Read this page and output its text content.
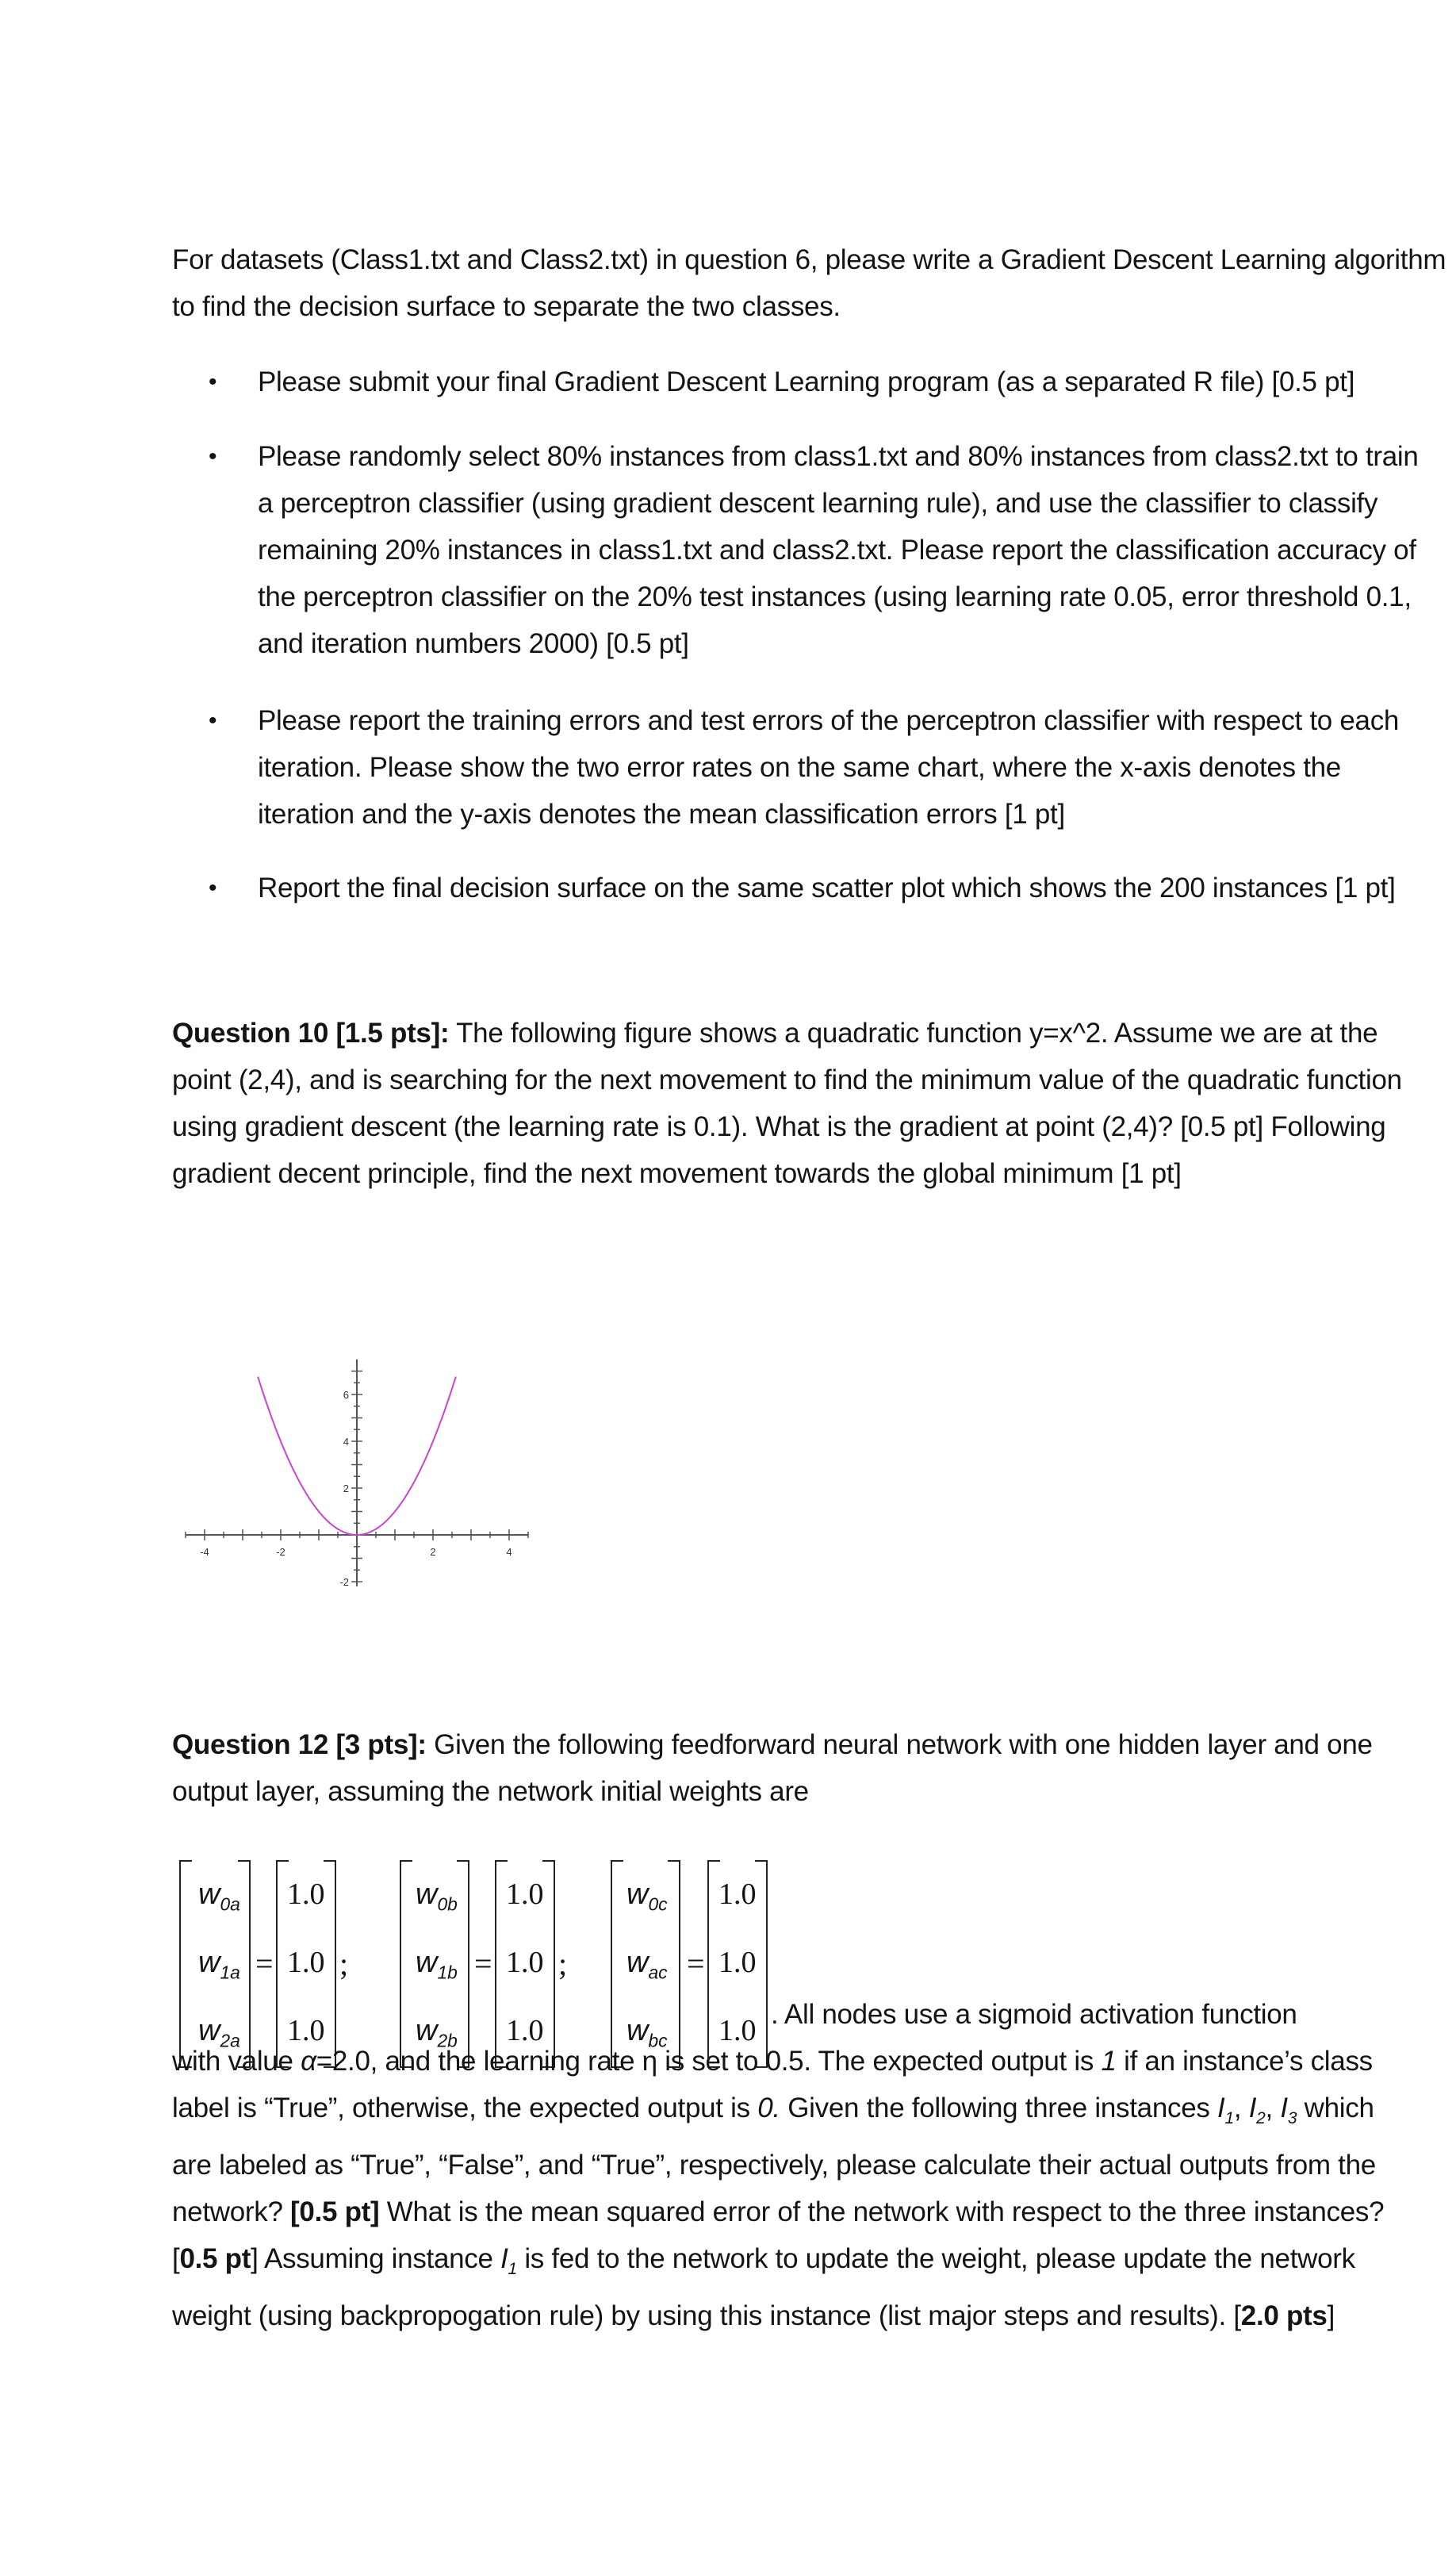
For datasets (Class1.txt and Class2.txt) in question 6, please write a Gradient Descent Learning algorithm
to find the decision surface to separate the two classes.
• Please submit your final Gradient Descent Learning program (as a separated R file) [0.5 pt]
• Please randomly select 80% instances from class1.txt and 80% instances from class2.txt to train
a perceptron classifier (using gradient descent learning rule), and use the classifier to classify
remaining 20% instances in class1.txt and class2.txt. Please report the classification accuracy of
the perceptron classifier on the 20% test instances (using learning rate 0.05, error threshold 0.1,
and iteration numbers 2000) [0.5 pt]
• Please report the training errors and test errors of the perceptron classifier with respect to each
iteration. Please show the two error rates on the same chart, where the x-axis denotes the
iteration and the y-axis denotes the mean classification errors [1 pt]
• Report the final decision surface on the same scatter plot which shows the 200 instances [1 pt]
Question 10 [1.5 pts]: The following figure shows a quadratic function y=x^2. Assume we are at the
point (2,4), and is searching for the next movement to find the minimum value of the quadratic function
using gradient descent (the learning rate is 0.1). What is the gradient at point (2,4)? [0.5 pt] Following
gradient decent principle, find the next movement towards the global minimum [1 pt]
-4	-2	2	4
6
4
2
-2
Question 12 [3 pts]: Given the following feedforward neural network with one hidden layer and one
output layer, assuming the network initial weights are
$w_{0a}$
$w_{1a}$
$w_{2a}$
=
1.0
1.0
1.0
;
$w_{0b}$
$w_{1b}$
$w_{2b}$
=
1.0
1.0
1.0
;
$w_{0c}$
$w_{ac}$
$w_{bc}$
=
1.0
1.0
1.0 . All nodes use a sigmoid activation function
with value α=2.0, and the learning rate η is set to 0.5. The expected output is 1 if an instance’s class
label is “True”, otherwise, the expected output is 0. Given the following three instances $I_1$, $I_2$, $I_3$ which
are labeled as “True”, “False”, and “True”, respectively, please calculate their actual outputs from the
network? [0.5 pt] What is the mean squared error of the network with respect to the three instances?
[0.5 pt] Assuming instance $I_1$ is fed to the network to update the weight, please update the network
weight (using backpropogation rule) by using this instance (list major steps and results). [2.0 pts]
